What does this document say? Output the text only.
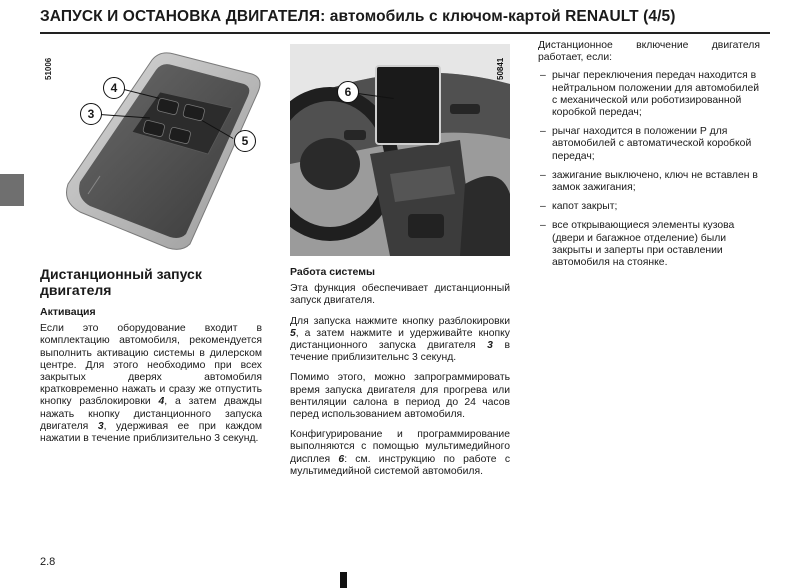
ЗАПУСК И ОСТАНОВКА ДВИГАТЕЛЯ: автомобиль с ключом-картой RENAULT (4/5)
51006
4
3
5
50841
6
Дистанционный запуск двигателя
Активация
Если это оборудование входит в комплектацию автомобиля, рекомендуется выполнить активацию системы в дилерском центре. Для этого необходимо при всех закрытых дверях автомобиля кратковременно нажать и сразу же отпустить кнопку разблокировки 4, а затем дважды нажать кнопку дистанционного запуска двигателя 3, удерживая ее при каждом нажатии в течение приблизительно 3 секунд.
Работа системы
Эта функция обеспечивает дистанционный запуск двигателя.
Для запуска нажмите кнопку разблокировки 5, а затем нажмите и удерживайте кнопку дистанционного запуска двигателя 3 в течение приблизительнс 3 секунд.
Помимо этого, можно запрограммировать время запуска двигателя для прогрева или вентиляции салона в период до 24 часов перед использованием автомобиля.
Конфигурирование и программирование выполняются с помощью мультимедийного дисплея 6: см. инструкцию по работе с мультимедийной системой автомобиля.
Дистанционное включение двигателя работает, если:
– рычаг переключения передач находится в нейтральном положении для автомобилей с механической или роботизированной коробкой передач;
– рычаг находится в положении Р для автомобилей с автоматической коробкой передач;
– зажигание выключено, ключ не вставлен в замок зажигания;
– капот закрыт;
– все открывающиеся элементы кузова (двери и багажное отделение) были закрыты и заперты при оставлении автомобиля на стоянке.
2.8
